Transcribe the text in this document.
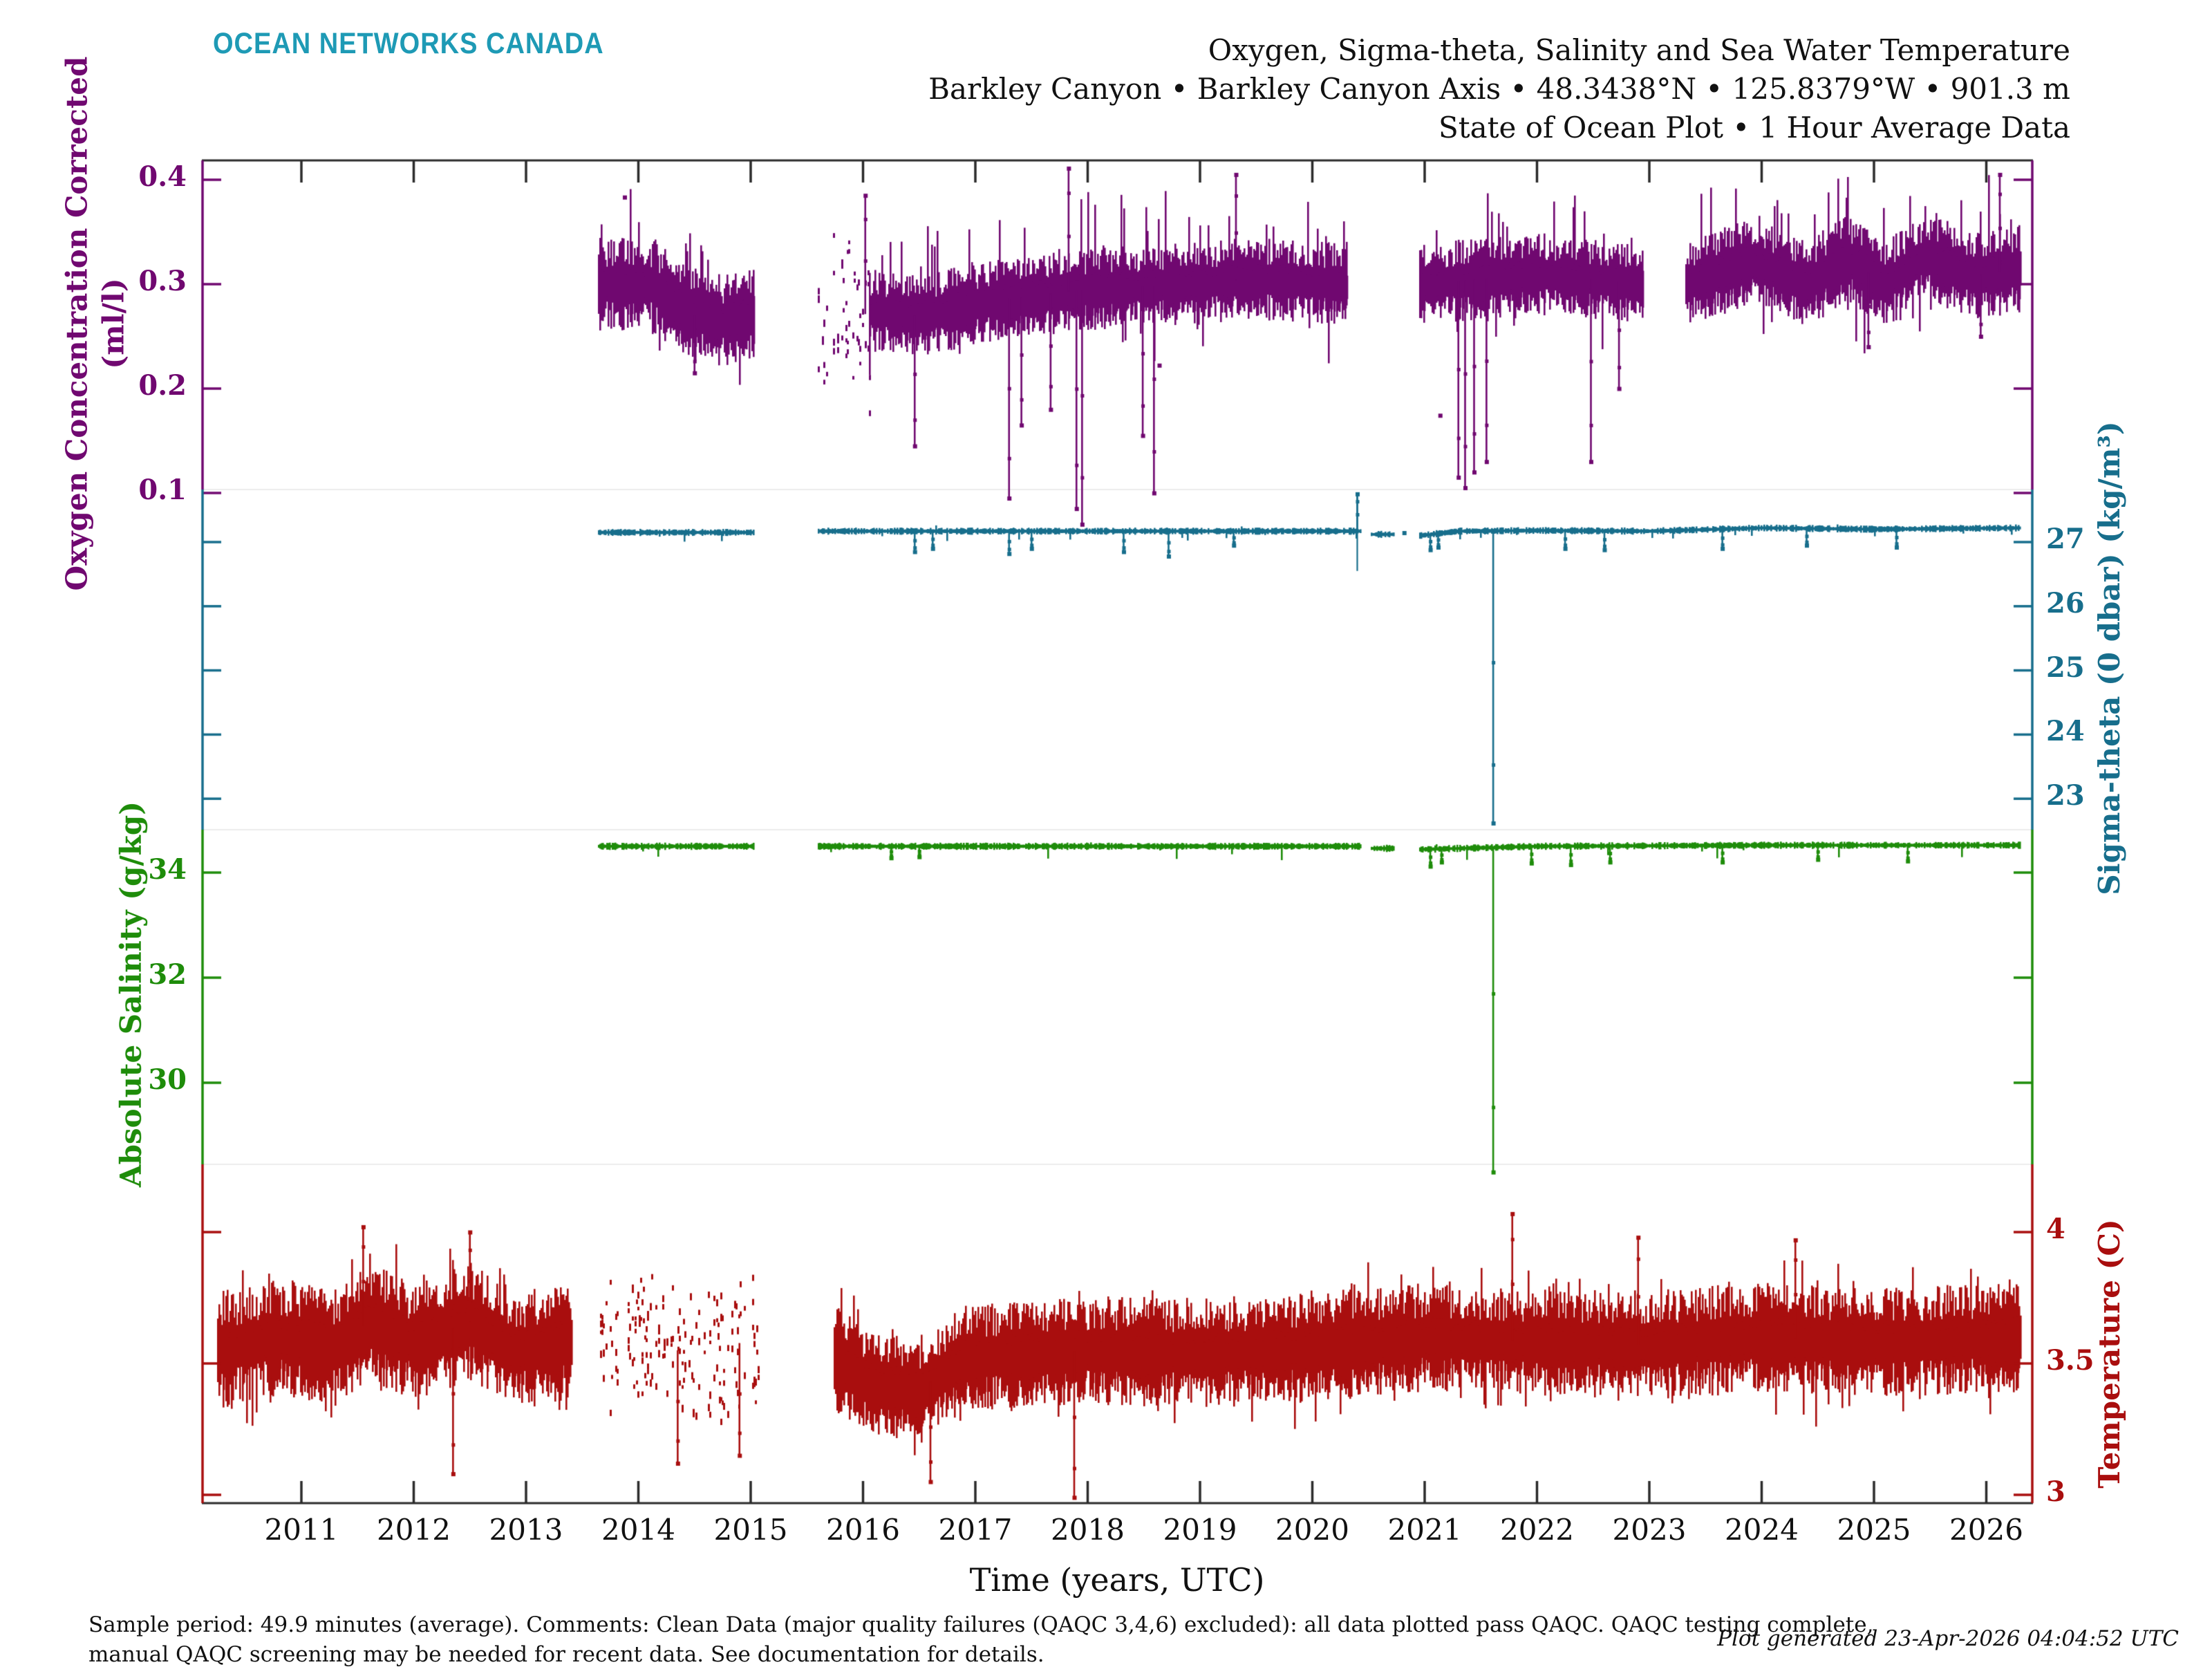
OCEAN NETWORKS CANADA	Oxygen, Sigma-theta, Salinity and Sea Water Temperature
Barkley Canyon • Barkley Canyon Axis • 48.3438°N • 125.8379°W • 901.3 m
State of Ocean Plot • 1 Hour Average Data
Oxygen Concentration Corrected (ml/l)
Sigma-theta (0 dbar) (kg/m³)
Absolute Salinity (g/kg)
Temperature (C)
Time (years, UTC)
0.4
0.3
0.2
0.1
27
26
25
24
23
34
32
30
4
3.5
3
2011	2012	2013	2014	2015	2016	2017	2018	2019	2020	2021	2022	2023	2024	2025	2026
Sample period: 49.9 minutes (average). Comments: Clean Data (major quality failures (QAQC 3,4,6) excluded): all data plotted pass QAQC. QAQC testing complete,
manual QAQC screening may be needed for recent data. See documentation for details.
Plot generated 23-Apr-2026 04:04:52 UTC
